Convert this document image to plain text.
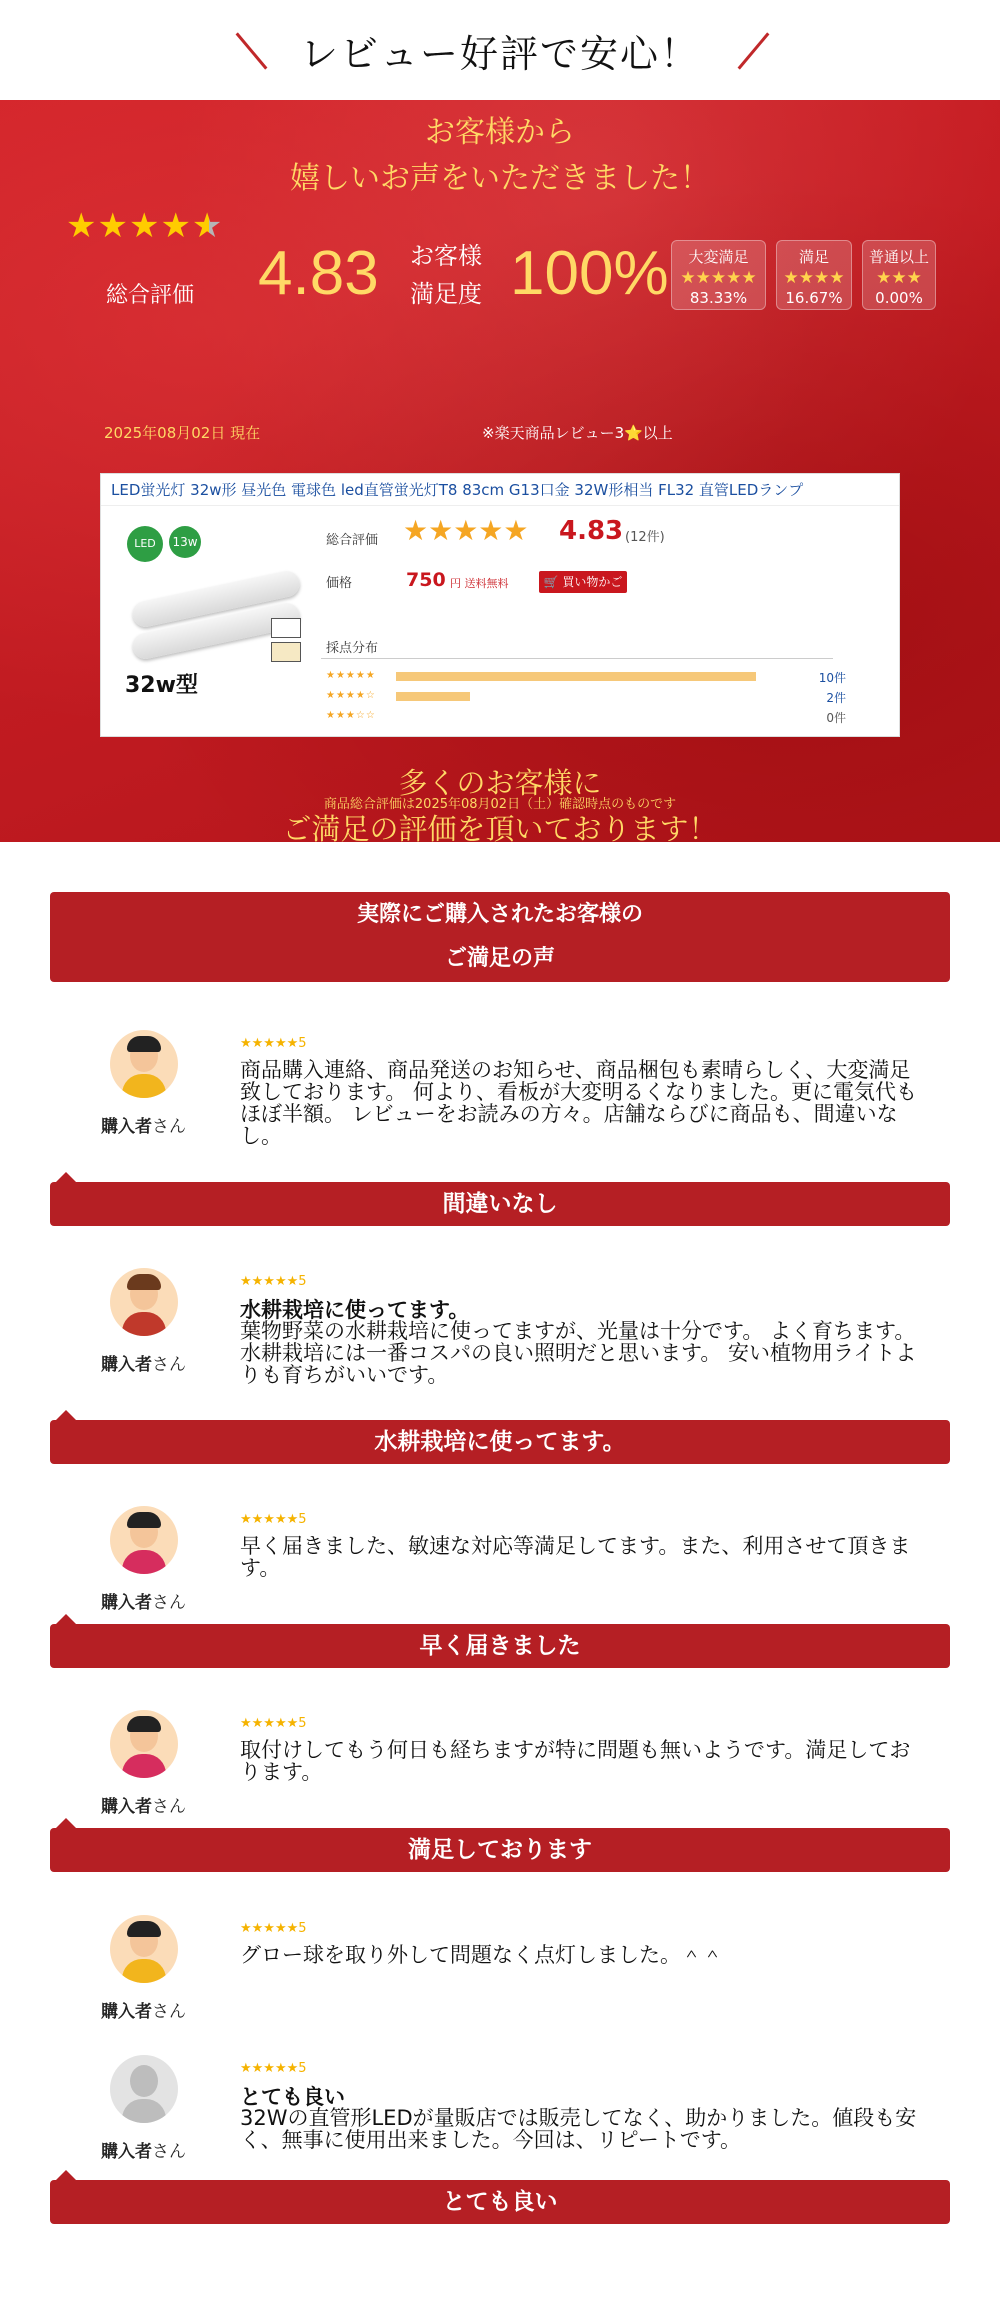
レビュー好評で安心！
お客様から
嬉しいお声をいただきました！
★★★★★
総合評価 4.83 お客様
満足度 100%	大変満足
★★★★★
83.33%
満足
★★★★
16.67%
普通以上
★★★
0.00%
2025年08月02日 現在	※楽天商品レビュー3⭐以上
LED蛍光灯 32w形 昼光色 電球色 led直管蛍光灯T8 83cm G13口金 32W形相当 FL32 直管LEDランプ
LED	13w
32w型
総合評価 ★★★★★ 4.83 (12件)
価格	750 円 送料無料	🛒 買い物かご
採点分布
★★★★★	10件
★★★★☆	2件
★★★☆☆	0件
多くのお客様に
ご満足の評価を頂いております！
商品総合評価は2025年08月02日（土）確認時点のものです
実際にご購入されたお客様の
ご満足の声
購入者さん
★★★★★5
商品購入連絡、商品発送のお知らせ、商品梱包も素晴らしく、大変満足致しております。 何より、看板が大変明るくなりました。更に電気代もほぼ半額。 レビューをお読みの方々。店舗ならびに商品も、間違いなし。
間違いなし
購入者さん
★★★★★5
水耕栽培に使ってます。
葉物野菜の水耕栽培に使ってますが、光量は十分です。 よく育ちます。 水耕栽培には一番コスパの良い照明だと思います。 安い植物用ライトよりも育ちがいいです。
水耕栽培に使ってます。
購入者さん
★★★★★5
早く届きました、敏速な対応等満足してます。また、利用させて頂きます。
早く届きました
購入者さん
★★★★★5
取付けしてもう何日も経ちますが特に問題も無いようです。満足しております。
満足しております
購入者さん
★★★★★5
グロー球を取り外して問題なく点灯しました。＾＾
購入者さん
★★★★★5
とても良い
32Wの直管形LEDが量販店では販売してなく、助かりました。値段も安く、無事に使用出来ました。今回は、リピートです。
とても良い
